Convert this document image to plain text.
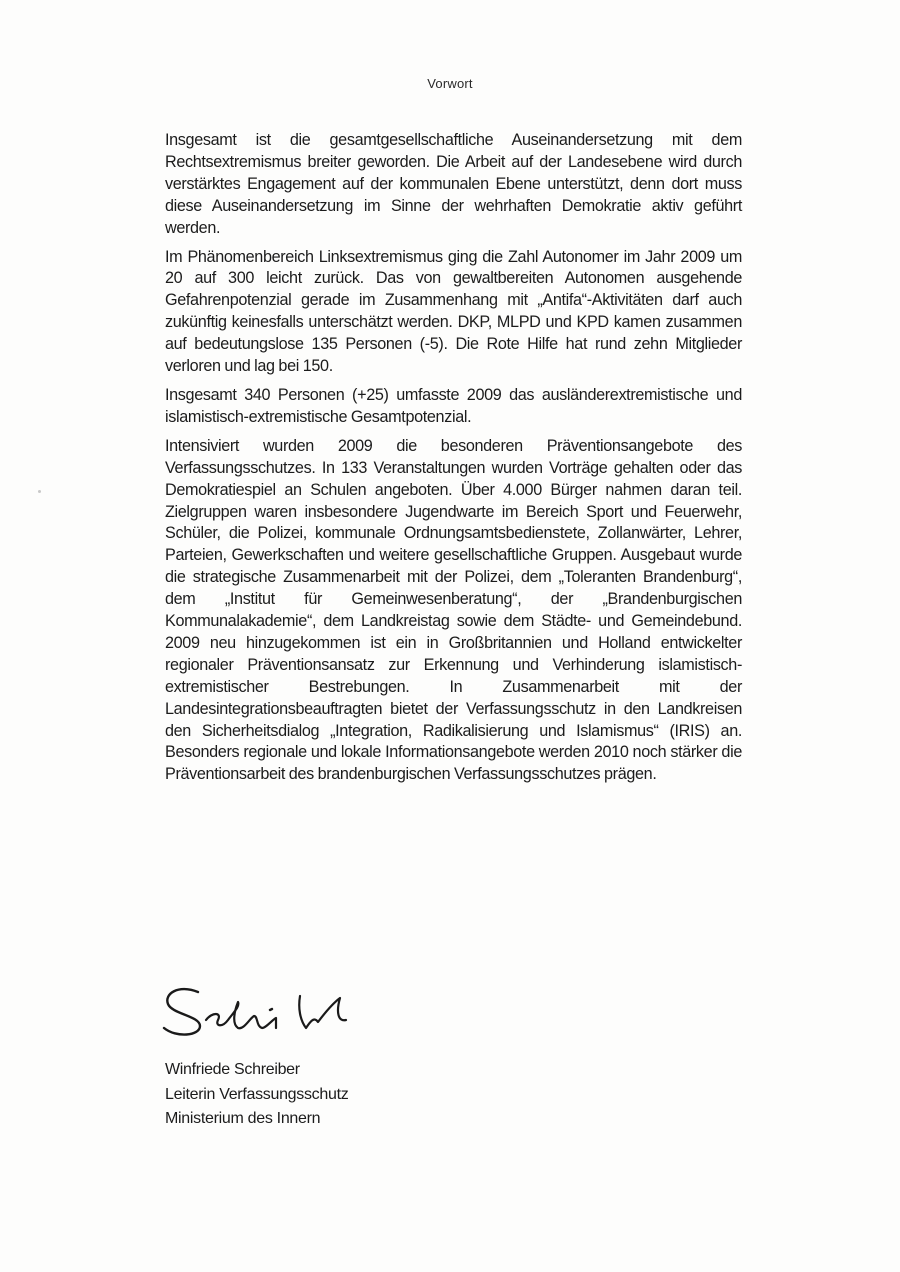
Vorwort

Insgesamt ist die gesamtgesellschaftliche Auseinandersetzung mit dem Rechtsextremismus breiter geworden. Die Arbeit auf der Landesebene wird durch verstärktes Engagement auf der kommunalen Ebene unterstützt, denn dort muss diese Auseinandersetzung im Sinne der wehrhaften Demokratie aktiv geführt werden.

Im Phänomenbereich Linksextremismus ging die Zahl Autonomer im Jahr 2009 um 20 auf 300 leicht zurück. Das von gewaltbereiten Autonomen ausgehende Gefahrenpotenzial gerade im Zusammenhang mit „Antifa“-Aktivitäten darf auch zukünftig keinesfalls unterschätzt werden. DKP, MLPD und KPD kamen zusammen auf bedeutungslose 135 Personen (-5). Die Rote Hilfe hat rund zehn Mitglieder verloren und lag bei 150.

Insgesamt 340 Personen (+25) umfasste 2009 das ausländerextremistische und islamistisch-extremistische Gesamtpotenzial.

Intensiviert wurden 2009 die besonderen Präventionsangebote des Verfassungsschutzes. In 133 Veranstaltungen wurden Vorträge gehalten oder das Demokratiespiel an Schulen angeboten. Über 4.000 Bürger nahmen daran teil. Zielgruppen waren insbesondere Jugendwarte im Bereich Sport und Feuerwehr, Schüler, die Polizei, kommunale Ordnungsamtsbedienstete, Zollanwärter, Lehrer, Parteien, Gewerkschaften und weitere gesellschaftliche Gruppen. Ausgebaut wurde die strategische Zusammenarbeit mit der Polizei, dem „Toleranten Brandenburg“, dem „Institut für Gemeinwesenberatung“, der „Brandenburgischen Kommunalakademie“, dem Landkreistag sowie dem Städte- und Gemeindebund. 2009 neu hinzugekommen ist ein in Großbritannien und Holland entwickelter regionaler Präventionsansatz zur Erkennung und Verhinderung islamistisch-extremistischer Bestrebungen. In Zusammenarbeit mit der Landesintegrationsbeauftragten bietet der Verfassungsschutz in den Landkreisen den Sicherheitsdialog „Integration, Radikalisierung und Islamismus“ (IRIS) an. Besonders regionale und lokale Informationsangebote werden 2010 noch stärker die Präventionsarbeit des brandenburgischen Verfassungsschutzes prägen.

Winfriede Schreiber
Leiterin Verfassungsschutz
Ministerium des Innern
